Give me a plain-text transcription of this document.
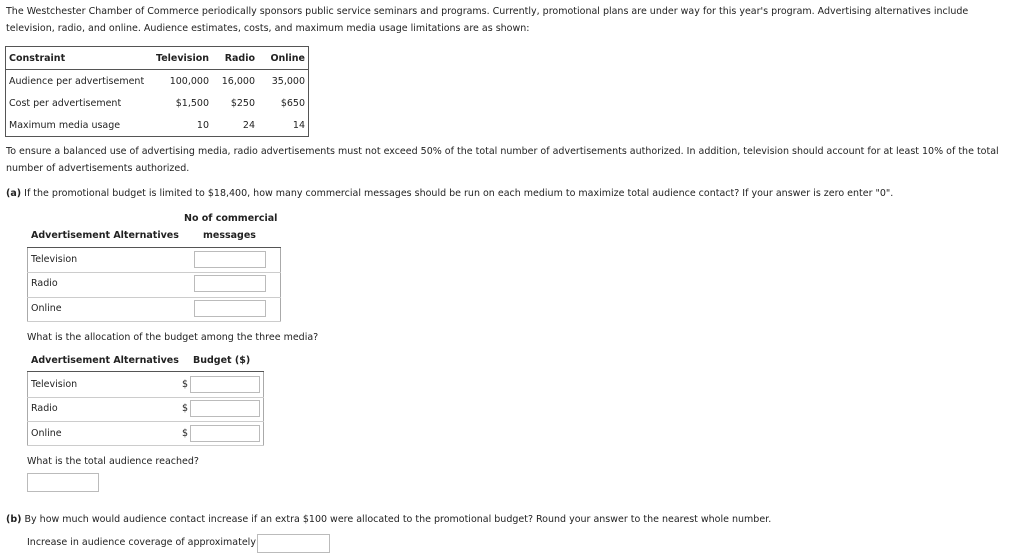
The Westchester Chamber of Commerce periodically sponsors public service seminars and programs. Currently, promotional plans are under way for this year's program. Advertising alternatives include television, radio, and online. Audience estimates, costs, and maximum media usage limitations are as shown:

Constraint	Television	Radio	Online
Audience per advertisement	100,000	16,000	35,000
Cost per advertisement	$1,500	$250	$650
Maximum media usage	10	24	14

To ensure a balanced use of advertising media, radio advertisements must not exceed 50% of the total number of advertisements authorized. In addition, television should account for at least 10% of the total number of advertisements authorized.

(a) If the promotional budget is limited to $18,400, how many commercial messages should be run on each medium to maximize total audience contact? If your answer is zero enter "0".

No of commercial
Advertisement Alternatives	messages
Television
Radio
Online

What is the allocation of the budget among the three media?

Advertisement Alternatives Budget ($)
Television	$
Radio	$
Online	$

What is the total audience reached?

(b) By how much would audience contact increase if an extra $100 were allocated to the promotional budget? Round your answer to the nearest whole number.

Increase in audience coverage of approximately
